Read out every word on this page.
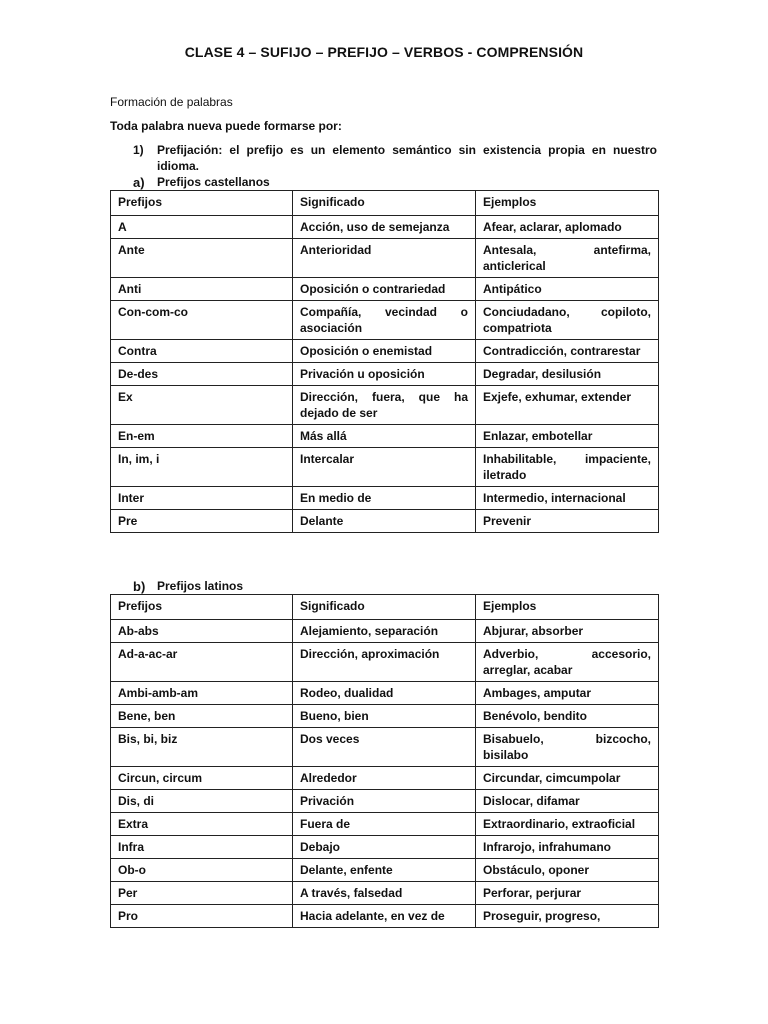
CLASE 4 – SUFIJO – PREFIJO – VERBOS - COMPRENSIÓN
Formación de palabras
Toda palabra nueva puede formarse por:
1) Prefijación: el prefijo es un elemento semántico sin existencia propia en nuestro idioma.
a) Prefijos castellanos
Prefijos	Significado	Ejemplos
A	Acción, uso de semejanza	Afear, aclarar, aplomado
Ante	Anterioridad	Antesala, antefirma, anticlerical
Anti	Oposición o contrariedad	Antipático
Con-com-co	Compañía, vecindad o asociación	Conciudadano, copiloto, compatriota
Contra	Oposición o enemistad	Contradicción, contrarestar
De-des	Privación u oposición	Degradar, desilusión
Ex	Dirección, fuera, que ha dejado de ser	Exjefe, exhumar, extender
En-em	Más allá	Enlazar, embotellar
In, im, i	Intercalar	Inhabilitable, impaciente, iletrado
Inter	En medio de	Intermedio, internacional
Pre	Delante	Prevenir
b) Prefijos latinos
Prefijos	Significado	Ejemplos
Ab-abs	Alejamiento, separación	Abjurar, absorber
Ad-a-ac-ar	Dirección, aproximación	Adverbio, accesorio, arreglar, acabar
Ambi-amb-am	Rodeo, dualidad	Ambages, amputar
Bene, ben	Bueno, bien	Benévolo, bendito
Bis, bi, biz	Dos veces	Bisabuelo, bizcocho, bisilabo
Circun, circum	Alrededor	Circundar, cimcumpolar
Dis, di	Privación	Dislocar, difamar
Extra	Fuera de	Extraordinario, extraoficial
Infra	Debajo	Infrarojo, infrahumano
Ob-o	Delante, enfente	Obstáculo, oponer
Per	A través, falsedad	Perforar, perjurar
Pro	Hacia adelante, en vez de	Proseguir, progreso,
